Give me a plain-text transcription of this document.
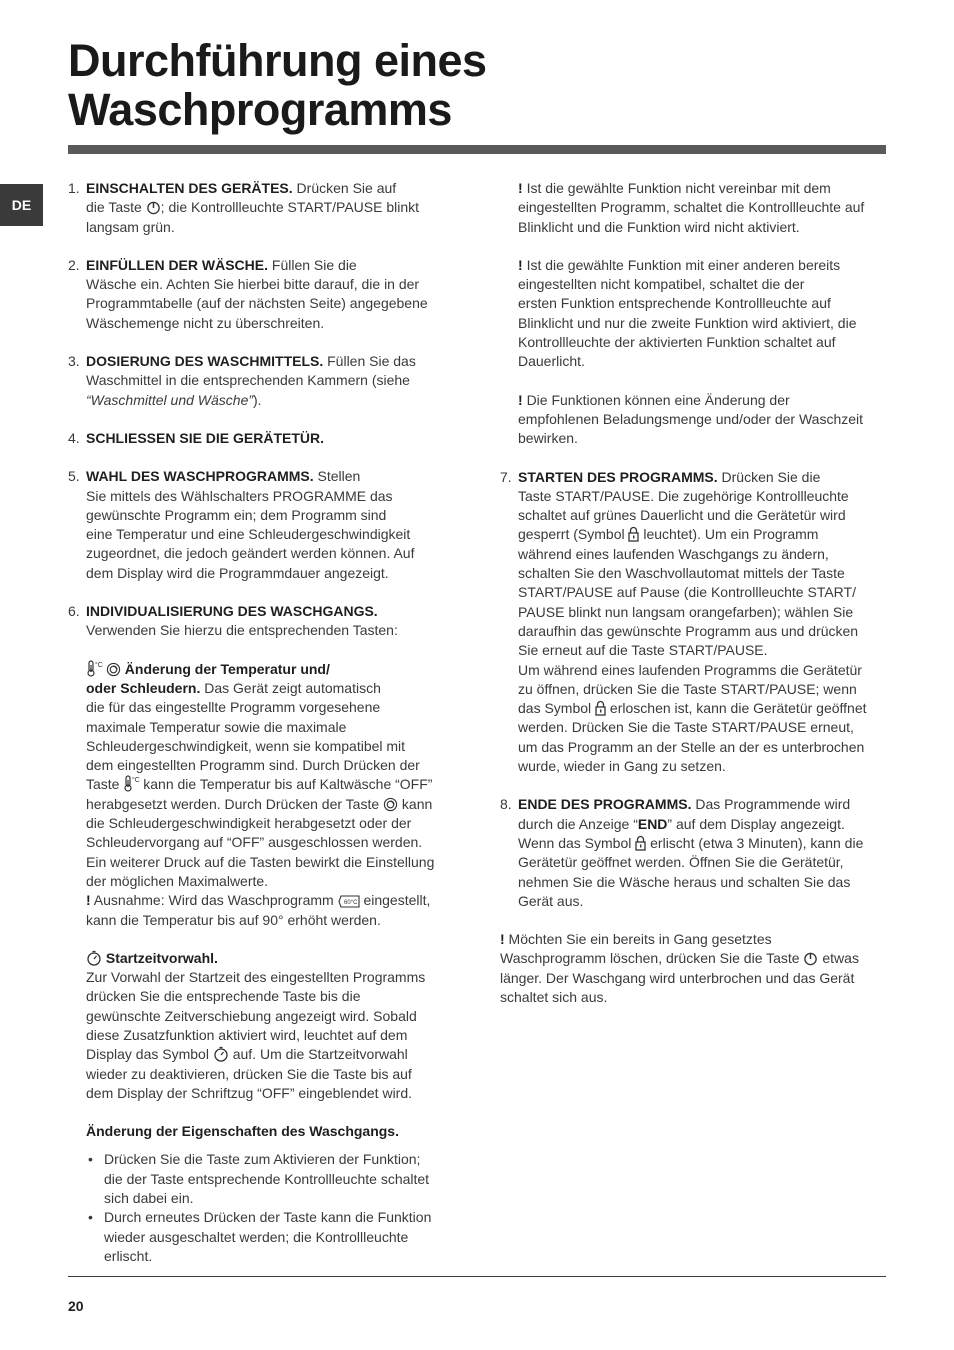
Durchführung eines
Waschprogramms
DE
1. EINSCHALTEN DES GERÄTES. Drücken Sie auf

die Taste ; die Kontrollleuchte START/PAUSE blinkt

langsam grün.

2. EINFÜLLEN DER WÄSCHE. Füllen Sie die

Wäsche ein. Achten Sie hierbei bitte darauf, die in der

Programmtabelle (auf der nächsten Seite) angegebene

Wäschemenge nicht zu überschreiten.

3. DOSIERUNG DES WASCHMITTELS. Füllen Sie das

Waschmittel in die entsprechenden Kammern (siehe

“Waschmittel und Wäsche”).

4. SCHLIESSEN SIE DIE GERÄTETÜR.

5. WAHL DES WASCHPROGRAMMS. Stellen

Sie mittels des Wählschalters PROGRAMME das

gewünschte Programm ein; dem Programm sind

eine Temperatur und eine Schleudergeschwindigkeit

zugeordnet, die jedoch geändert werden können. Auf

dem Display wird die Programmdauer angezeigt.

6. INDIVIDUALISIERUNG DES WASCHGANGS.

Verwenden Sie hierzu die entsprechenden Tasten:

°C Änderung der Temperatur und/

oder Schleudern. Das Gerät zeigt automatisch

die für das eingestellte Programm vorgesehene

maximale Temperatur sowie die maximale

Schleudergeschwindigkeit, wenn sie kompatibel mit

dem eingestellten Programm sind. Durch Drücken der

Taste °C kann die Temperatur bis auf Kaltwäsche “OFF”

herabgesetzt werden. Durch Drücken der Taste  kann

die Schleudergeschwindigkeit herabgesetzt oder der

Schleudervorgang auf “OFF” ausgeschlossen werden.

Ein weiterer Druck auf die Tasten bewirkt die Einstellung

der möglichen Maximalwerte.

! Ausnahme: Wird das Waschprogramm 60°C eingestellt,

kann die Temperatur bis auf 90° erhöht werden.

Startzeitvorwahl.

Zur Vorwahl der Startzeit des eingestellten Programms

drücken Sie die entsprechende Taste bis die

gewünschte Zeitverschiebung angezeigt wird. Sobald

diese Zusatzfunktion aktiviert wird, leuchtet auf dem

Display das Symbol  auf. Um die Startzeitvorwahl

wieder zu deaktivieren, drücken Sie die Taste bis auf

dem Display der Schriftzug “OFF” eingeblendet wird.

Änderung der Eigenschaften des Waschgangs.

• Drücken Sie die Taste zum Aktivieren der Funktion;
die der Taste entsprechende Kontrollleuchte schaltet
sich dabei ein.
• Durch erneutes Drücken der Taste kann die Funktion
wieder ausgeschaltet werden; die Kontrollleuchte
erlischt.

! Ist die gewählte Funktion nicht vereinbar mit dem

eingestellten Programm, schaltet die Kontrollleuchte auf

Blinklicht und die Funktion wird nicht aktiviert.

! Ist die gewählte Funktion mit einer anderen bereits

eingestellten nicht kompatibel, schaltet die der

ersten Funktion entsprechende Kontrollleuchte auf

Blinklicht und nur die zweite Funktion wird aktiviert, die

Kontrollleuchte der aktivierten Funktion schaltet auf

Dauerlicht.

! Die Funktionen können eine Änderung der

empfohlenen Beladungsmenge und/oder der Waschzeit

bewirken.

7. STARTEN DES PROGRAMMS. Drücken Sie die

Taste START/PAUSE. Die zugehörige Kontrollleuchte

schaltet auf grünes Dauerlicht und die Gerätetür wird

gesperrt (Symbol  leuchtet). Um ein Programm

während eines laufenden Waschgangs zu ändern,

schalten Sie den Waschvollautomat mittels der Taste

START/PAUSE auf Pause (die Kontrollleuchte START/

PAUSE blinkt nun langsam orangefarben); wählen Sie

daraufhin das gewünschte Programm aus und drücken

Sie erneut auf die Taste START/PAUSE.

Um während eines laufenden Programms die Gerätetür

zu öffnen, drücken Sie die Taste START/PAUSE; wenn

das Symbol  erloschen ist, kann die Gerätetür geöffnet

werden. Drücken Sie die Taste START/PAUSE erneut,

um das Programm an der Stelle an der es unterbrochen

wurde, wieder in Gang zu setzen.

8. ENDE DES PROGRAMMS. Das Programmende wird

durch die Anzeige “END” auf dem Display angezeigt.

Wenn das Symbol  erlischt (etwa 3 Minuten), kann die

Gerätetür geöffnet werden. Öffnen Sie die Gerätetür,

nehmen Sie die Wäsche heraus und schalten Sie das

Gerät aus.

! Möchten Sie ein bereits in Gang gesetztes

Waschprogramm löschen, drücken Sie die Taste  etwas

länger. Der Waschgang wird unterbrochen und das Gerät

schaltet sich aus.

20
